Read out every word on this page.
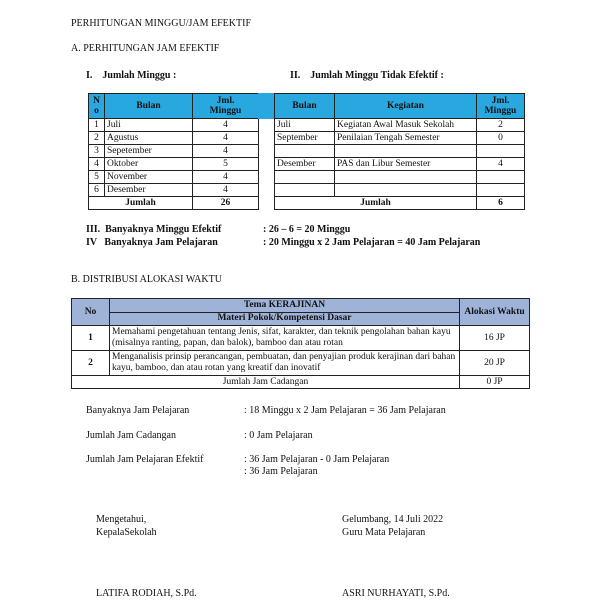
PERHITUNGAN MINGGU/JAM EFEKTIF
A. PERHITUNGAN JAM EFEKTIF
I.    Jumlah Minggu :	II.    Jumlah Minggu Tidak Efektif :
N
o	Bulan	Jml.
Minggu
1	Juli	4
2	Agustus	4
3	Sepetember	4
4	Oktober	5
5	November	4
6	Desember	4
Jumlah		26
Bulan	Kegiatan	Jml.
Minggu
Juli	Kegiatan Awal Masuk Sekolah	2
September	Penilaian Tengah Semester	0

Desember	PAS dan Libur Semester	4

Jumlah		6
III.  Banyaknya Minggu Efektif	: 26 – 6 = 20 Minggu
IV   Banyaknya Jam Pelajaran	: 20 Minggu x 2 Jam Pelajaran = 40 Jam Pelajaran
B. DISTRIBUSI ALOKASI WAKTU
No	Tema KERAJINAN	Alokasi Waktu
	Materi Pokok/Kompetensi Dasar	
1	Memahami pengetahuan tentang Jenis, sifat, karakter, dan teknik pengolahan bahan kayu (misalnya ranting, papan, dan balok), bamboo dan atau rotan	16 JP
2	Menganalisis prinsip perancangan, pembuatan, dan penyajian produk kerajinan dari bahan kayu, bamboo, dan atau rotan yang kreatif dan inovatif	20 JP
Jumlah Jam Cadangan		0 JP
Banyaknya Jam Pelajaran	: 18 Minggu x 2 Jam Pelajaran = 36 Jam Pelajaran
Jumlah Jam Cadangan	: 0 Jam Pelajaran
Jumlah Jam Pelajaran Efektif	: 36 Jam Pelajaran - 0 Jam Pelajaran
: 36 Jam Pelajaran
Mengetahui,
KepalaSekolah
Gelumbang, 14 Juli 2022
Guru Mata Pelajaran
LATIFA RODIAH, S.Pd.	ASRI NURHAYATI, S.Pd.
